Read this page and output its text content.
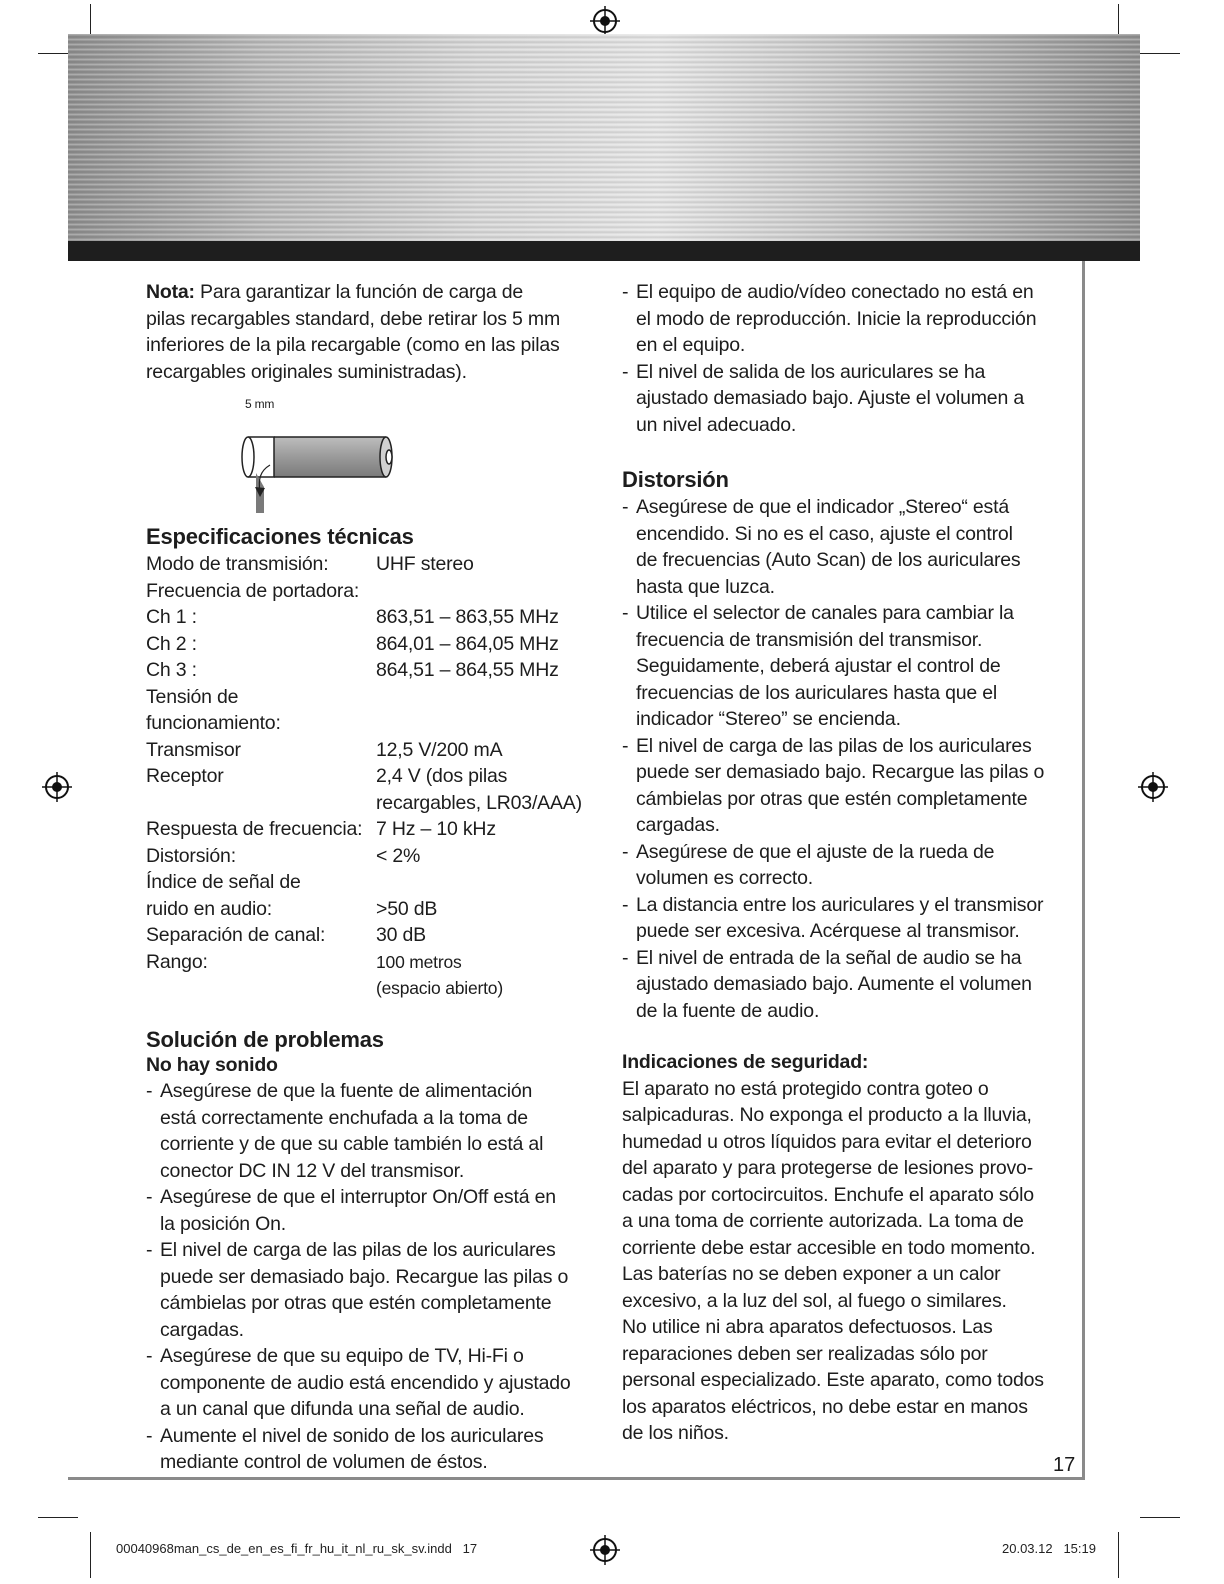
Nota: Para garantizar la función de carga de

pilas recargables standard, debe retirar los 5 mm

inferiores de la pila recargable (como en las pilas

recargables originales suministradas).

5 mm

Especificaciones técnicas

Modo de transmisión:	UHF stereo
Frecuencia de portadora:
Ch 1 :	863,51 – 863,55 MHz
Ch 2 :	864,01 – 864,05 MHz
Ch 3 :	864,51 – 864,55 MHz
Tensión de funcionamiento:
Transmisor	12,5 V/200 mA
Receptor	2,4 V (dos pilas
recargables, LR03/AAA)
Respuesta de frecuencia: 7 Hz – 10 kHz
Distorsión:	< 2%
Índice de señal de
ruido en audio:	>50 dB
Separación de canal:	30 dB
Rango:	100 metros
(espacio abierto)

Solución de problemas

No hay sonido

- Asegúrese de que la fuente de alimentación

está correctamente enchufada a la toma de

corriente y de que su cable también lo está al

conector DC IN 12 V del transmisor.

- Asegúrese de que el interruptor On/Off está en

la posición On.

- El nivel de carga de las pilas de los auriculares

puede ser demasiado bajo. Recargue las pilas o

cámbielas por otras que estén completamente

cargadas.

- Asegúrese de que su equipo de TV, Hi-Fi o

componente de audio está encendido y ajustado

a un canal que difunda una señal de audio.

- Aumente el nivel de sonido de los auriculares

mediante control de volumen de éstos.

- El equipo de audio/vídeo conectado no está en

el modo de reproducción. Inicie la reproducción

en el equipo.

- El nivel de salida de los auriculares se ha

ajustado demasiado bajo. Ajuste el volumen a

un nivel adecuado.

Distorsión

- Asegúrese de que el indicador „Stereo“ está

encendido. Si no es el caso, ajuste el control

de frecuencias (Auto Scan) de los auriculares

hasta que luzca.

- Utilice el selector de canales para cambiar la

frecuencia de transmisión del transmisor.

Seguidamente, deberá ajustar el control de

frecuencias de los auriculares hasta que el

indicador “Stereo” se encienda.

- El nivel de carga de las pilas de los auriculares

puede ser demasiado bajo. Recargue las pilas o

cámbielas por otras que estén completamente

cargadas.

- Asegúrese de que el ajuste de la rueda de

volumen es correcto.

- La distancia entre los auriculares y el transmisor

puede ser excesiva. Acérquese al transmisor.

- El nivel de entrada de la señal de audio se ha

ajustado demasiado bajo. Aumente el volumen

de la fuente de audio.

Indicaciones de seguridad:

El aparato no está protegido contra goteo o

salpicaduras. No exponga el producto a la lluvia,

humedad u otros líquidos para evitar el deterioro

del aparato y para protegerse de lesiones provo-

cadas por cortocircuitos. Enchufe el aparato sólo

a una toma de corriente autorizada. La toma de

corriente debe estar accesible en todo momento.

Las baterías no se deben exponer a un calor

excesivo, a la luz del sol, al fuego o similares.

No utilice ni abra aparatos defectuosos. Las

reparaciones deben ser realizadas sólo por

personal especializado. Este aparato, como todos

los aparatos eléctricos, no debe estar en manos

de los niños.

17
00040968man_cs_de_en_es_fi_fr_hu_it_nl_ru_sk_sv.indd   17	20.03.12   15:19
